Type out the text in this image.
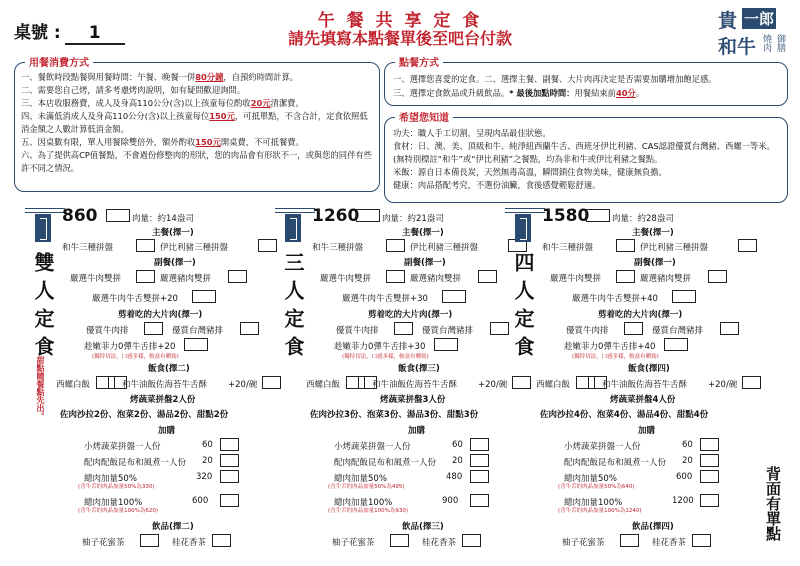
桌號 : 1
午 餐 共 享 定 食
請先填寫本點餐單後至吧台付款
貴 一郎
和牛 燒肉 御膳
用餐消費方式
一、餐飲時段點餐與用餐時間：午餐、晚餐一併80分鐘，自預約時間計算。
二、需要您自己烤，請多考慮烤肉說明，如有疑問歡迎詢問。
三、本店收服務費，成人及身高110公分(含)以上孩童每位酌收20元清潔費。
四、未滿低消成人及身高110公分(含)以上孩童每位150元，可抵單點，不含合計，定食依照低消金額之人數計算低消金額。
五、因桌數有限，單人用餐除雙倍外，額外酌收150元開桌費，不可抵餐費。
六、為了提供高CP值餐點，不會過份修整肉的形狀，您的肉品會有形狀不一，或與您的同伴有些許不同之情況。
點餐方式
一、選擇您喜愛的定食。二、選擇主餐、副餐、大片肉再決定是否需要加購增加飽足感。
三、選擇定食飲品或升級飲品。* 最後加點時間：用餐結束前40分。
希望您知道
功夫：職人手工切割，呈現肉品最佳狀態。
食材：日、澳、美、頂級和牛、純淨紐西蘭牛舌、西班牙伊比利豬、CAS認證優質台灣豬、西螺一等米。(無特別標註“和牛”或“伊比利豬”之餐點，均為非和牛或伊比利豬之餐點。
米飯：源自日本備長炭，天然無毒高溫，瞬間鎖住食物美味，健康無負擔。
健康：肉品搭配考究，不選份油臟，食後感覺輕鬆舒適。
雙人定食
860	肉量：約14盎司
主餐(擇一)
和牛三種拼盤	伊比利豬三種拼盤
副餐(擇一)
嚴選牛肉雙拼	嚴選豬肉雙拼
嚴選牛肉牛舌雙拼+20
剪着吃的大片肉(擇一)
優質牛肉排	優質台灣豬排
趁嫩菲力0彈牛舌排+20
(獨特切法，口感多樣，較富有嚼勁)
飯食(擇二)
西螺白飯	和牛油飯佐海苔牛舌酥 +20/碗
烤蔬菜拼盤2人份
佐肉沙拉2份、泡菜2份、湯品2份、甜點2份
加購
小烤蔬菜拼盤一人份	60
配肉配飯昆布和風煮一人份 20
總肉加量50%	320
(含牛舌的肉品加量50%為330)
總肉加量100%	600
(含牛舌的肉品加量100%為620)
飲品(擇二)
柚子花蜜茶	桂花香茶
三人定食
1260	肉量：約21盎司
主餐(擇一)
和牛三種拼盤	伊比利豬三種拼盤
副餐(擇一)
嚴選牛肉雙拼	嚴選豬肉雙拼
嚴選牛肉牛舌雙拼+30
剪着吃的大片肉(擇一)
優質牛肉排	優質台灣豬排
趁嫩菲力0彈牛舌排+30
(獨特切法，口感多樣，較富有嚼勁)
飯食(擇三)
西螺白飯	和牛油飯佐海苔牛舌酥 +20/碗
烤蔬菜拼盤3人份
佐肉沙拉3份、泡菜3份、湯品3份、甜點3份
加購
小烤蔬菜拼盤一人份	60
配肉配飯昆布和風煮一人份 20
總肉加量50%	480
(含牛舌的肉品加量50%為495)
總肉加量100%	900
(含牛舌的肉品加量100%為930)
飲品(擇三)
柚子花蜜茶	桂花香茶
四人定食
1580	肉量：約28盎司
主餐(擇一)
和牛三種拼盤	伊比利豬三種拼盤
副餐(擇一)
嚴選牛肉雙拼	嚴選豬肉雙拼
嚴選牛肉牛舌雙拼+40
剪着吃的大片肉(擇一)
優質牛肉排	優質台灣豬排
趁嫩菲力0彈牛舌排+40
(獨特切法，口感多樣，較富有嚼勁)
飯食(擇四)
西螺白飯	和牛油飯佐海苔牛舌酥 +20/碗
烤蔬菜拼盤4人份
佐肉沙拉4份、泡菜4份、湯品4份、甜點4份
加購
小烤蔬菜拼盤一人份	60
配肉配飯昆布和風煮一人份 20
總肉加量50%	600
(含牛舌的肉品加量50%為640)
總肉加量100%	1200
(含牛舌的肉品加量100%為1240)
飲品(擇四)
柚子花蜜茶	桂花香茶
甜點隨餐點先出。
背面有單點
